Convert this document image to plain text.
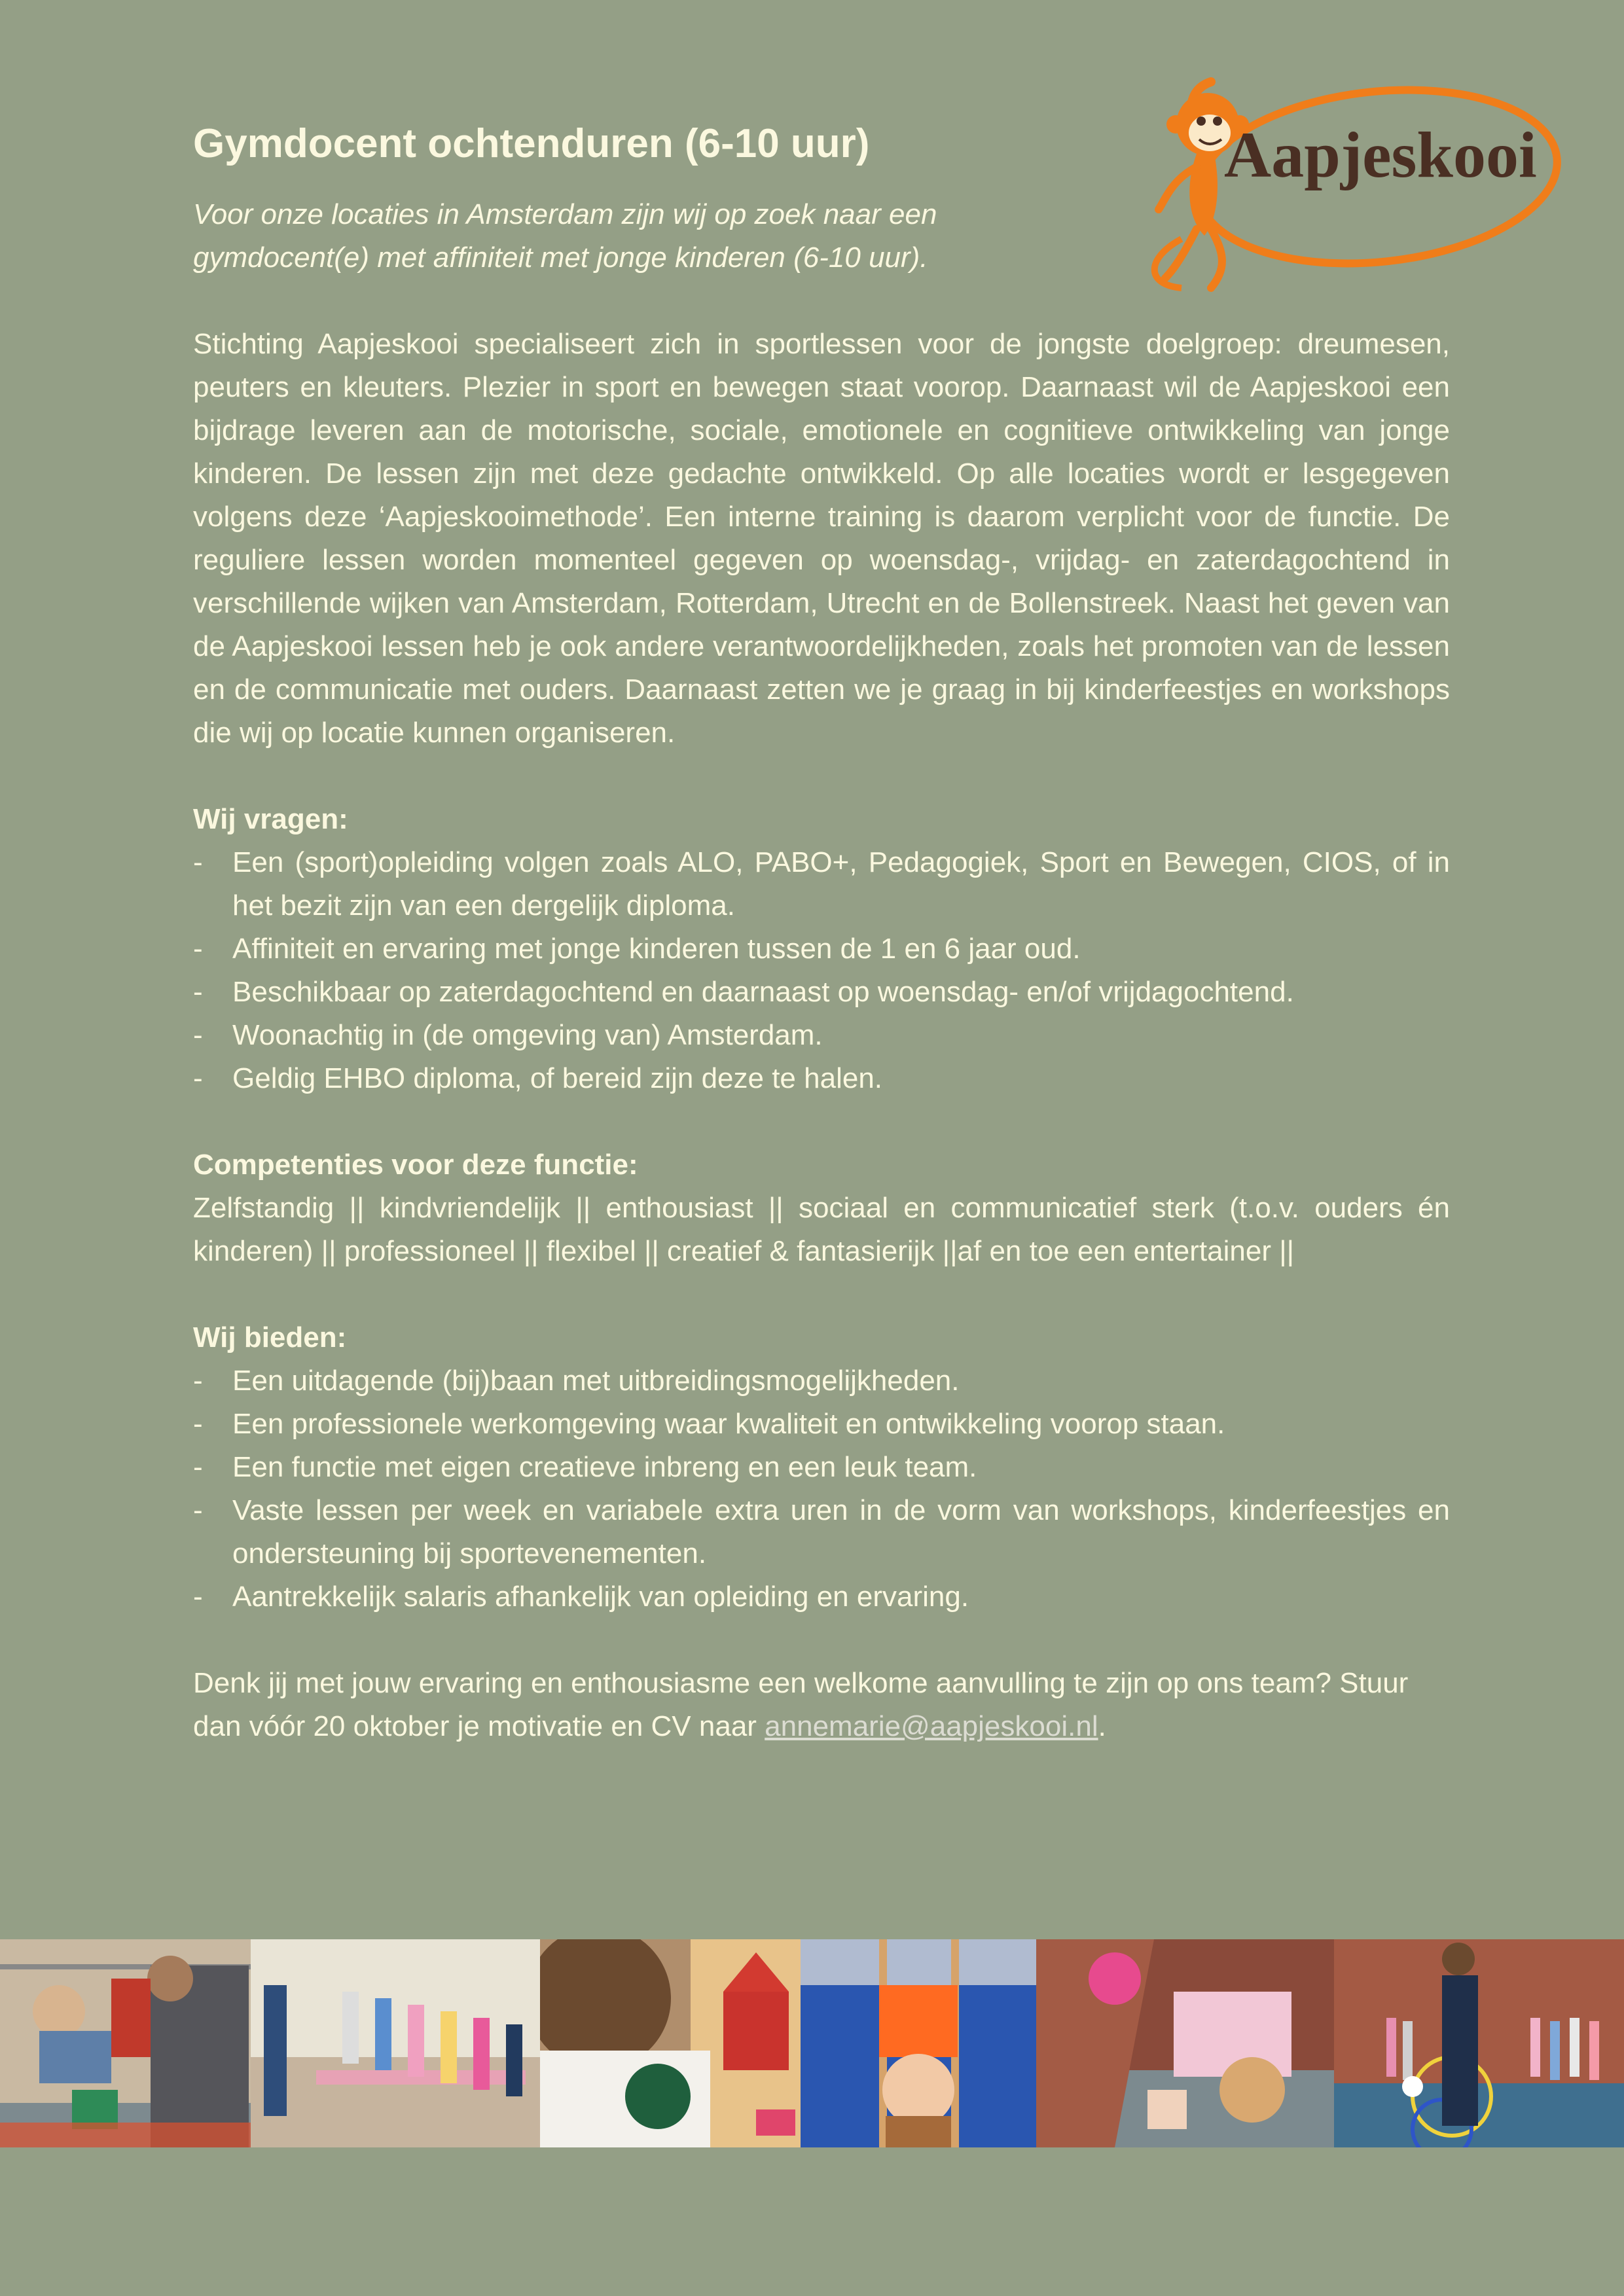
Aapjeskooi
Gymdocent ochtenduren (6-10 uur)

Voor onze locaties in Amsterdam zijn wij op zoek naar een gymdocent(e) met affiniteit met jonge kinderen (6-10 uur).

Stichting Aapjeskooi specialiseert zich in sportlessen voor de jongste doelgroep: dreumesen, peuters en kleuters. Plezier in sport en bewegen staat voorop. Daarnaast wil de Aapjeskooi een bijdrage leveren aan de motorische, sociale, emotionele en cognitieve ontwikkeling van jonge kinderen. De lessen zijn met deze gedachte ontwikkeld. Op alle locaties wordt er lesgegeven volgens deze ‘Aapjeskooimethode’. Een interne training is daarom verplicht voor de functie. De reguliere lessen worden momenteel gegeven op woensdag-, vrijdag- en zaterdagochtend in verschillende wijken van Amsterdam, Rotterdam, Utrecht en de Bollenstreek. Naast het geven van de Aapjeskooi lessen heb je ook andere verantwoordelijkheden, zoals het promoten van de lessen en de communicatie met ouders. Daarnaast zetten we je graag in bij kinderfeestjes en workshops die wij op locatie kunnen organiseren.

Wij vragen:
- Een (sport)opleiding volgen zoals ALO, PABO+, Pedagogiek, Sport en Bewegen, CIOS, of in het bezit zijn van een dergelijk diploma.
- Affiniteit en ervaring met jonge kinderen tussen de 1 en 6 jaar oud.
- Beschikbaar op zaterdagochtend en daarnaast op woensdag- en/of vrijdagochtend.
- Woonachtig in (de omgeving van) Amsterdam.
- Geldig EHBO diploma, of bereid zijn deze te halen.
Competenties voor deze functie:

Zelfstandig || kindvriendelijk || enthousiast || sociaal en communicatief sterk (t.o.v. ouders én kinderen) || professioneel || flexibel || creatief & fantasierijk ||af en toe een entertainer ||

Wij bieden:
- Een uitdagende (bij)baan met uitbreidingsmogelijkheden.
- Een professionele werkomgeving waar kwaliteit en ontwikkeling voorop staan.
- Een functie met eigen creatieve inbreng en een leuk team.
- Vaste lessen per week en variabele extra uren in de vorm van workshops, kinderfeestjes en ondersteuning bij sportevenementen.
- Aantrekkelijk salaris afhankelijk van opleiding en ervaring.

Denk jij met jouw ervaring en enthousiasme een welkome aanvulling te zijn op ons team? Stuur dan vóór 20 oktober je motivatie en CV naar annemarie@aapjeskooi.nl.
